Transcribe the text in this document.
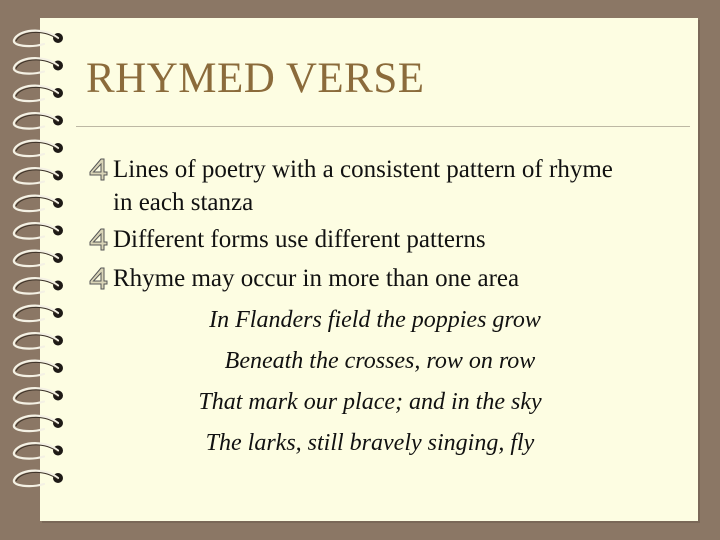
RHYMED VERSE
Lines of poetry with a consistent pattern of rhyme
in each stanza
Different forms use different patterns
Rhyme may occur in more than one area
In Flanders field the poppies grow
Beneath the crosses, row on row
That mark our place; and in the sky
The larks, still bravely singing, fly
